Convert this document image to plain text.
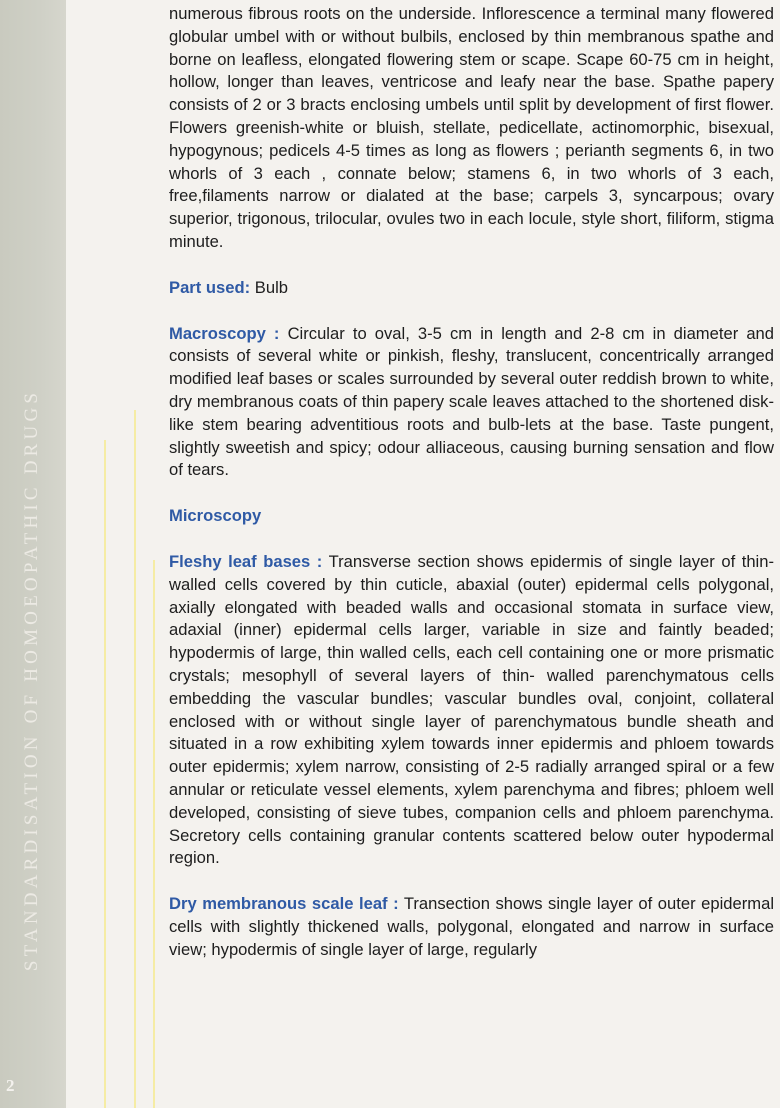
STANDARDISATION OF HOMOEOPATHIC DRUGS
2

numerous fibrous roots on the underside. Inflorescence a terminal many flowered globular umbel with or without bulbils, enclosed by thin membranous spathe and borne on leafless, elongated flowering stem or scape. Scape 60-75 cm in height, hollow, longer than leaves, ventricose and leafy near the base. Spathe papery consists of 2 or 3 bracts enclosing umbels until split by development of first flower. Flowers greenish-white or bluish, stellate, pedicellate, actinomorphic, bisexual, hypogynous; pedicels 4-5 times as long as flowers ; perianth segments 6, in two whorls of 3 each , connate below; stamens 6, in two whorls of 3 each, free,filaments narrow or dialated at the base; carpels 3, syncarpous; ovary superior, trigonous, trilocular, ovules two in each locule, style short, filiform, stigma minute.

Part used: Bulb

Macroscopy : Circular to oval, 3-5 cm in length and 2-8 cm in diameter and consists of several white or pinkish, fleshy, translucent, concentrically arranged modified leaf bases or scales surrounded by several outer reddish brown to white, dry membranous coats of thin papery scale leaves attached to the shortened disk-like stem bearing adventitious roots and bulb-lets at the base. Taste pungent, slightly sweetish and spicy; odour alliaceous, causing burning sensation and flow of tears.

Microscopy

Fleshy leaf bases : Transverse section shows epidermis of single layer of thin-walled cells covered by thin cuticle, abaxial (outer) epidermal cells polygonal, axially elongated with beaded walls and occasional stomata in surface view, adaxial (inner) epidermal cells larger, variable in size and faintly beaded; hypodermis of large, thin walled cells, each cell containing one or more prismatic crystals; mesophyll of several layers of thin- walled parenchymatous cells embedding the vascular bundles; vascular bundles oval, conjoint, collateral enclosed with or without single layer of parenchymatous bundle sheath and situated in a row exhibiting xylem towards inner epidermis and phloem towards outer epidermis; xylem narrow, consisting of 2-5 radially arranged spiral or a few annular or reticulate vessel elements, xylem parenchyma and fibres; phloem well developed, consisting of sieve tubes, companion cells and phloem parenchyma. Secretory cells containing granular contents scattered below outer hypodermal region.

Dry membranous scale leaf : Transection shows single layer of outer epidermal cells with slightly thickened walls, polygonal, elongated and narrow in surface view; hypodermis of single layer of large, regularly
